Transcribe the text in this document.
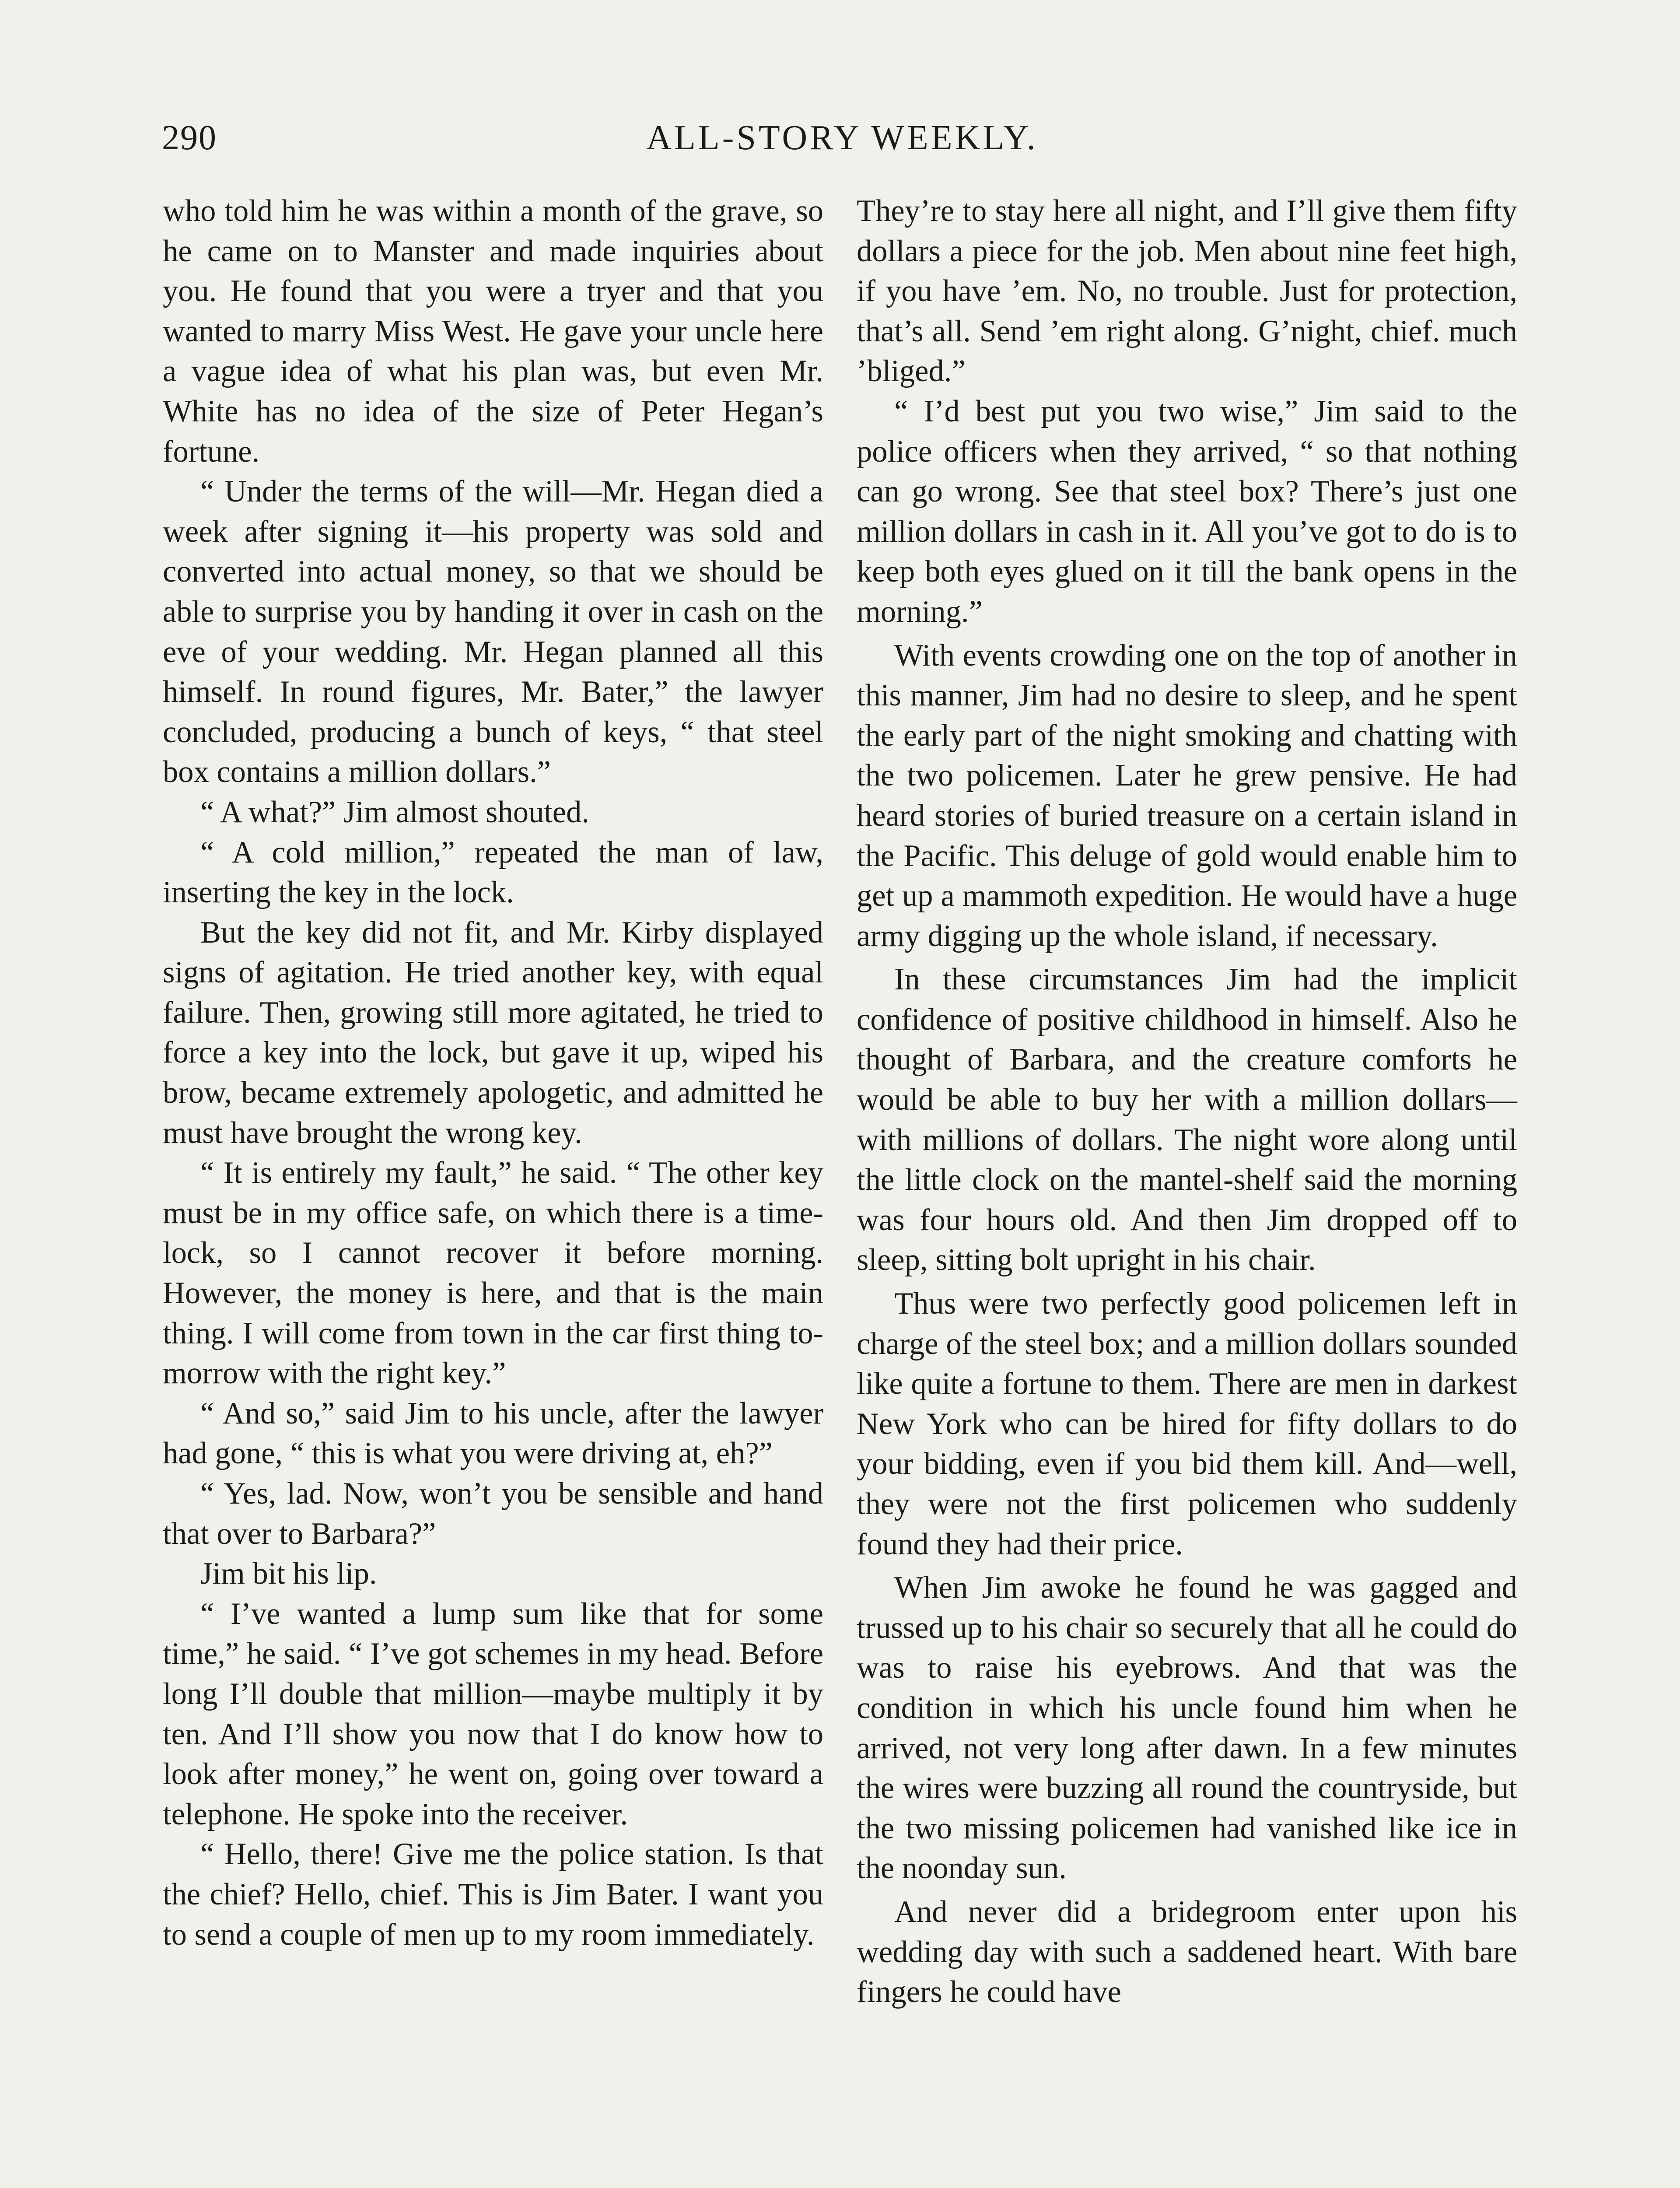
290	ALL-STORY WEEKLY.

who told him he was within a month of the grave, so he came on to Manster and made inquiries about you. He found that you were a tryer and that you wanted to marry Miss West. He gave your uncle here a vague idea of what his plan was, but even Mr. White has no idea of the size of Peter Hegan’s fortune.

“ Under the terms of the will—Mr. Hegan died a week after signing it—his property was sold and converted into actual money, so that we should be able to surprise you by handing it over in cash on the eve of your wedding. Mr. Hegan planned all this himself. In round figures, Mr. Bater,” the lawyer concluded, producing a bunch of keys, “ that steel box contains a million dollars.”

“ A what?” Jim almost shouted.

“ A cold million,” repeated the man of law, inserting the key in the lock.

But the key did not fit, and Mr. Kirby displayed signs of agitation. He tried another key, with equal failure. Then, growing still more agitated, he tried to force a key into the lock, but gave it up, wiped his brow, became extremely apologetic, and admitted he must have brought the wrong key.

“ It is entirely my fault,” he said. “ The other key must be in my office safe, on which there is a time-lock, so I cannot recover it before morning. However, the money is here, and that is the main thing. I will come from town in the car first thing to-morrow with the right key.”

“ And so,” said Jim to his uncle, after the lawyer had gone, “ this is what you were driving at, eh?”

“ Yes, lad. Now, won’t you be sensible and hand that over to Barbara?”

Jim bit his lip.

“ I’ve wanted a lump sum like that for some time,” he said. “ I’ve got schemes in my head. Before long I’ll double that million—maybe multiply it by ten. And I’ll show you now that I do know how to look after money,” he went on, going over toward a telephone. He spoke into the receiver.

“ Hello, there! Give me the police station. Is that the chief? Hello, chief. This is Jim Bater. I want you to send a couple of men up to my room immediately.

They’re to stay here all night, and I’ll give them fifty dollars a piece for the job. Men about nine feet high, if you have ’em. No, no trouble. Just for protection, that’s all. Send ’em right along. G’night, chief. much ’bliged.”

“ I’d best put you two wise,” Jim said to the police officers when they arrived, “ so that nothing can go wrong. See that steel box? There’s just one million dollars in cash in it. All you’ve got to do is to keep both eyes glued on it till the bank opens in the morning.”

With events crowding one on the top of another in this manner, Jim had no desire to sleep, and he spent the early part of the night smoking and chatting with the two policemen. Later he grew pensive. He had heard stories of buried treasure on a certain island in the Pacific. This deluge of gold would enable him to get up a mammoth expedition. He would have a huge army digging up the whole island, if necessary.

In these circumstances Jim had the implicit confidence of positive childhood in himself. Also he thought of Barbara, and the creature comforts he would be able to buy her with a million dollars—with millions of dollars. The night wore along until the little clock on the mantel-shelf said the morning was four hours old. And then Jim dropped off to sleep, sitting bolt upright in his chair.

Thus were two perfectly good policemen left in charge of the steel box; and a million dollars sounded like quite a fortune to them. There are men in darkest New York who can be hired for fifty dollars to do your bidding, even if you bid them kill. And—well, they were not the first policemen who suddenly found they had their price.

When Jim awoke he found he was gagged and trussed up to his chair so securely that all he could do was to raise his eyebrows. And that was the condition in which his uncle found him when he arrived, not very long after dawn. In a few minutes the wires were buzzing all round the countryside, but the two missing policemen had vanished like ice in the noonday sun.

And never did a bridegroom enter upon his wedding day with such a saddened heart. With bare fingers he could have
